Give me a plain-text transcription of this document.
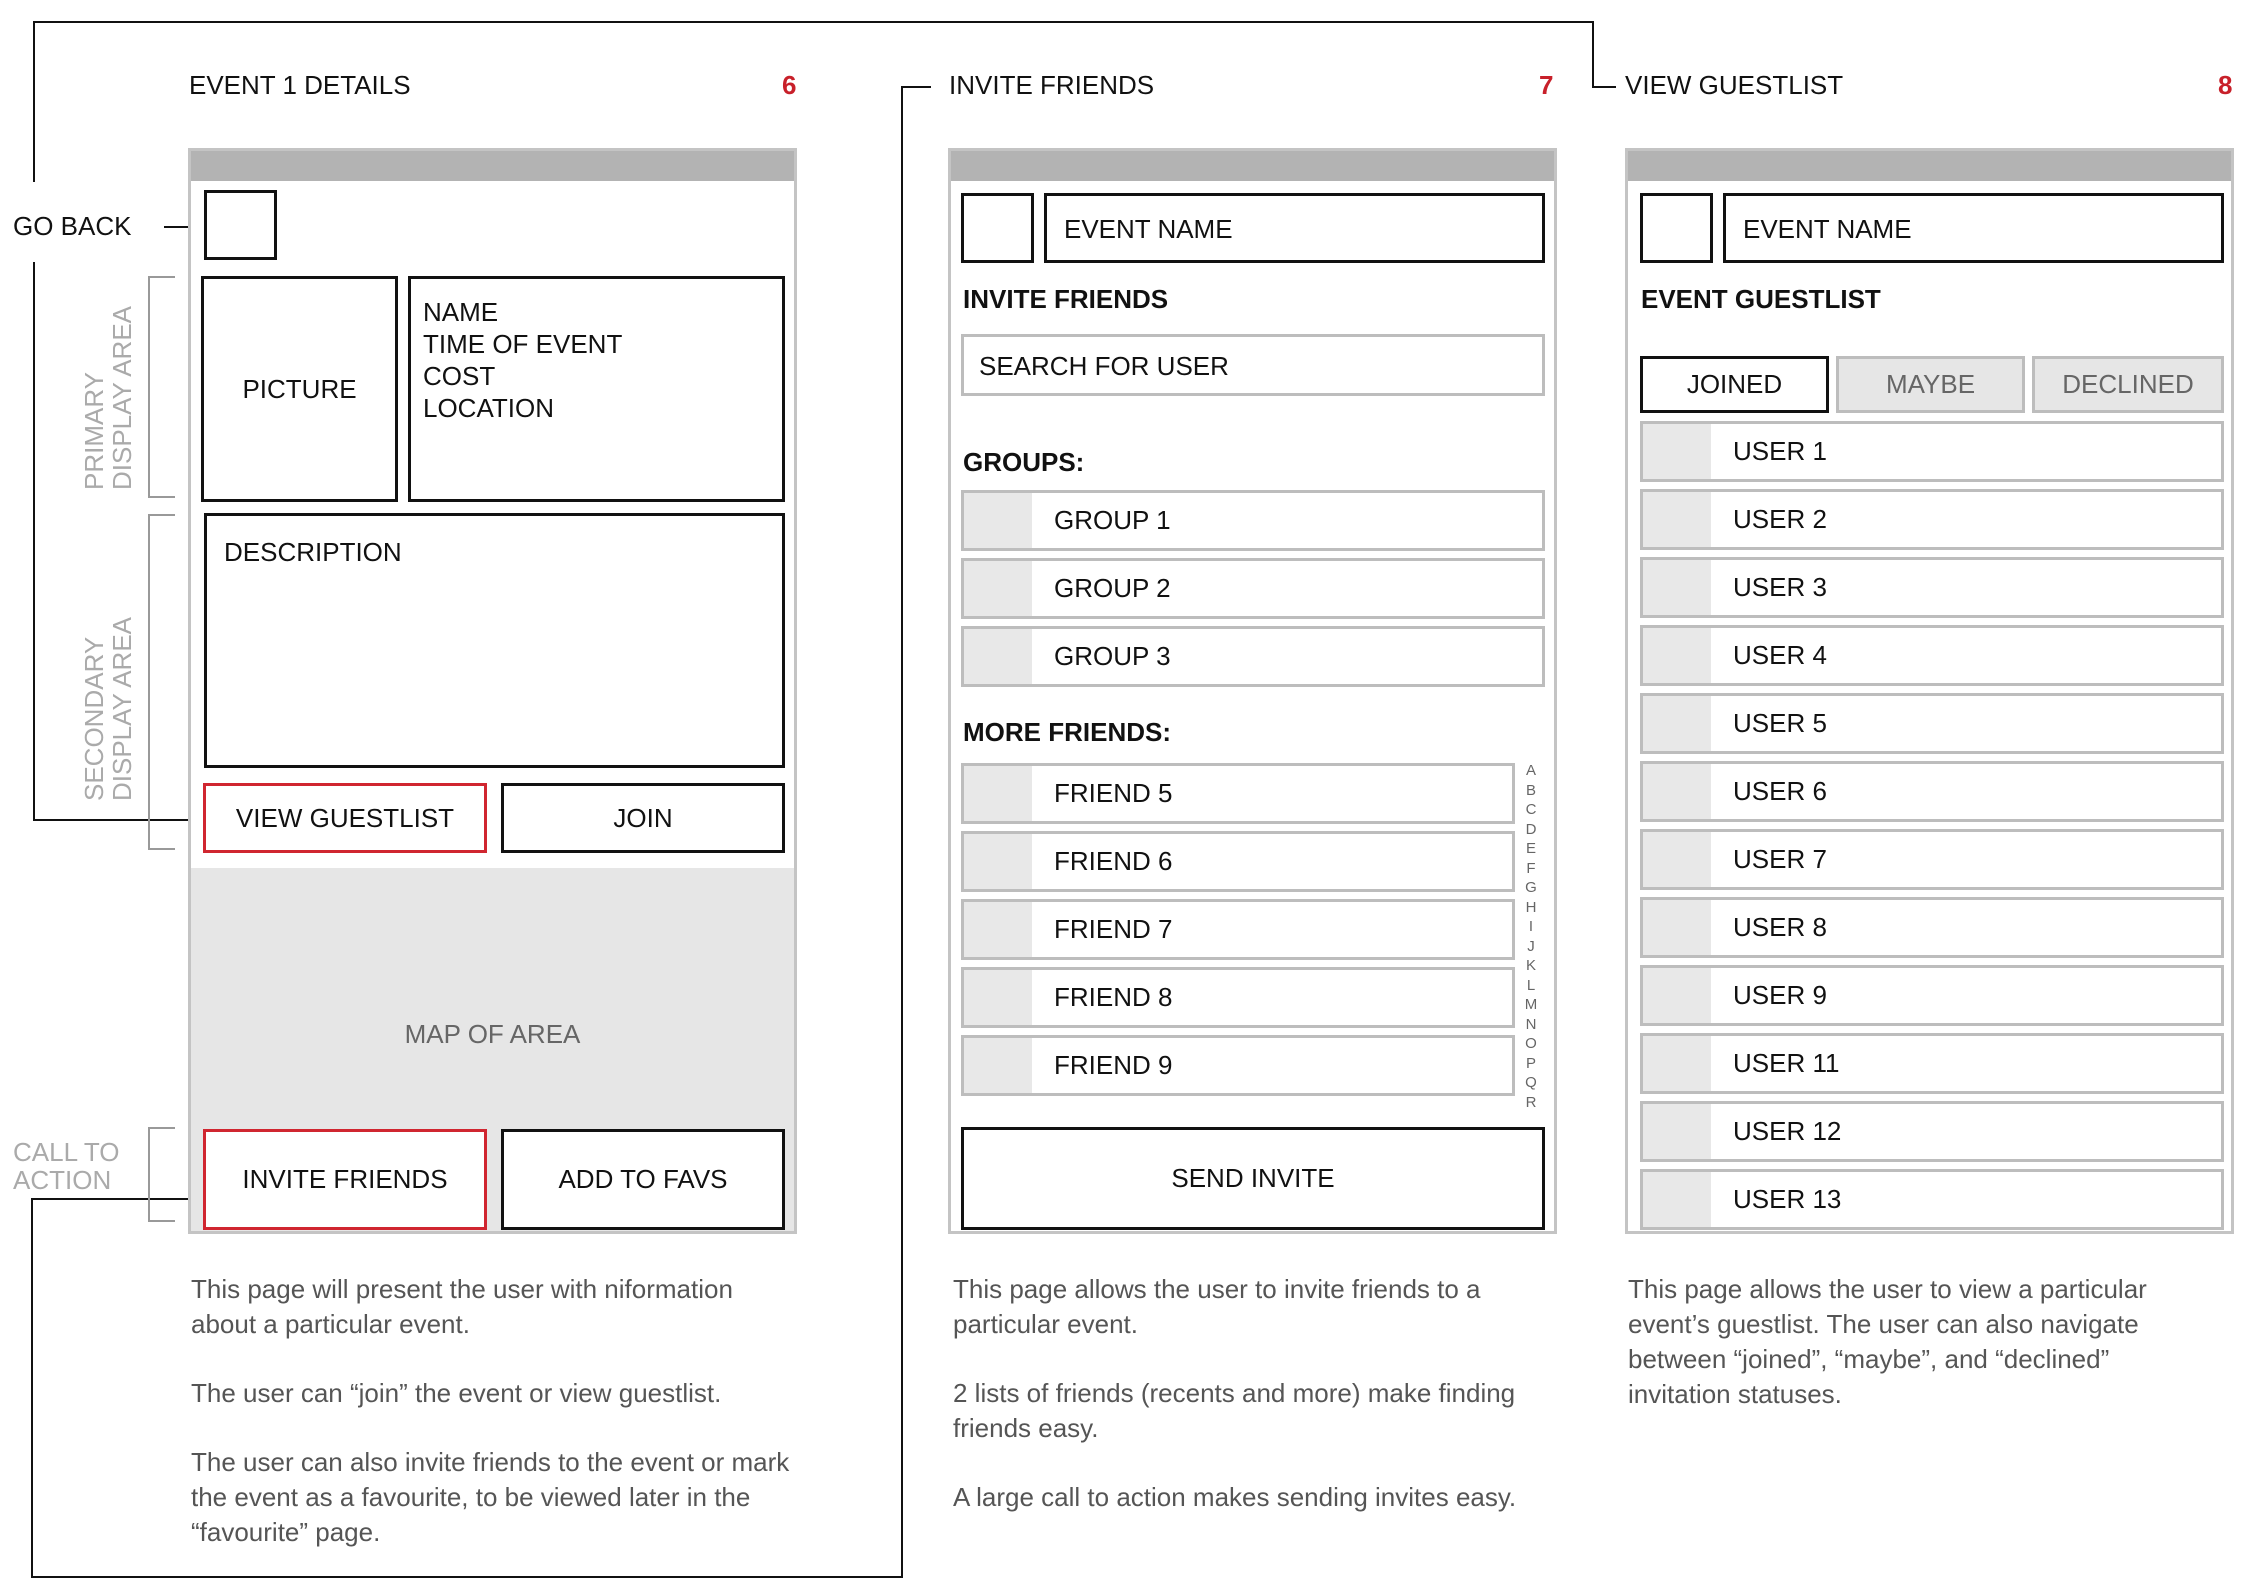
GO BACK
PRIMARY
DISPLAY AREA
SECONDARY
DISPLAY AREA
CALL TO
ACTION
EVENT 1 DETAILS	6
PICTURE
NAME
TIME OF EVENT
COST
LOCATION
DESCRIPTION
VIEW GUESTLIST	JOIN
MAP OF AREA
INVITE FRIENDS	ADD TO FAVS

This page will present the user with nіformation about a particular event.

The user can “join” the event or view guestlist.

The user can also invite friends to the event or mark the event as a favourite, to be viewed later in the “favourite” page.

INVITE FRIENDS	7
EVENT NAME
INVITE FRIENDS
SEARCH FOR USER
GROUPS:
GROUP 1
GROUP 2
GROUP 3
MORE FRIENDS:
FRIEND 5
FRIEND 6
FRIEND 7
FRIEND 8
FRIEND 9
A
B
C
D
E
F
G
H
I
J
K
L
M
N
O
P
Q
R
SEND INVITE

This page allows the user to invite friends to a particular event.

2 lists of friends (recents and more) make finding friends easy.

A large call to action makes sending invites easy.

VIEW GUESTLIST	8
EVENT NAME
EVENT GUESTLIST
JOINED	MAYBE	DECLINED
USER 1
USER 2
USER 3
USER 4
USER 5
USER 6
USER 7
USER 8
USER 9
USER 11
USER 12
USER 13

This page allows the user to view a particular event’s guestlist. The user can also navigate between “joined”, “maybe”, and “declined” invitation statuses.
